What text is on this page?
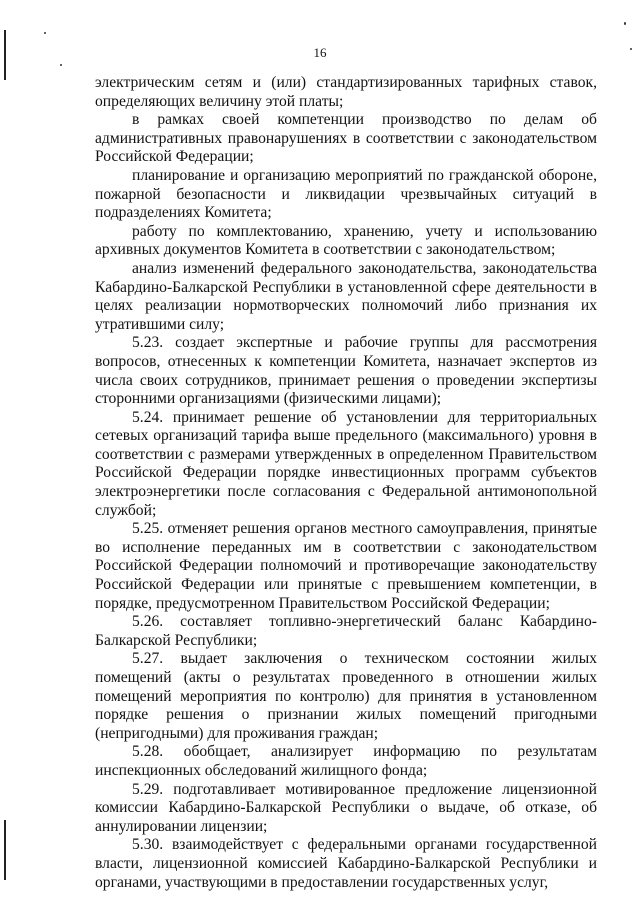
16

электрическим сетям и (или) стандартизированных тарифных ставок, определяющих величину этой платы;

в рамках своей компетенции производство по делам об административных правонарушениях в соответствии с законодательством Российской Федерации;

планирование и организацию мероприятий по гражданской обороне, пожарной безопасности и ликвидации чрезвычайных ситуаций в подразделениях Комитета;

работу по комплектованию, хранению, учету и использованию архивных документов Комитета в соответствии с законодательством;

анализ изменений федерального законодательства, законодательства Кабардино-Балкарской Республики в установленной сфере деятельности в целях реализации нормотворческих полномочий либо признания их утратившими силу;

5.23. создает экспертные и рабочие группы для рассмотрения вопросов, отнесенных к компетенции Комитета, назначает экспертов из числа своих сотрудников, принимает решения о проведении экспертизы сторонними организациями (физическими лицами);

5.24. принимает решение об установлении для территориальных сетевых организаций тарифа выше предельного (максимального) уровня в соответствии с размерами утвержденных в определенном Правительством Российской Федерации порядке инвестиционных программ субъектов электроэнергетики после согласования с Федеральной антимонопольной службой;

5.25. отменяет решения органов местного самоуправления, принятые во исполнение переданных им в соответствии с законодательством Российской Федерации полномочий и противоречащие законодательству Российской Федерации или принятые с превышением компетенции, в порядке, предусмотренном Правительством Российской Федерации;

5.26. составляет топливно-энергетический баланс Кабардино-Балкарской Республики;

5.27. выдает заключения о техническом состоянии жилых помещений (акты о результатах проведенного в отношении жилых помещений мероприятия по контролю) для принятия в установленном порядке решения о признании жилых помещений пригодными (непригодными) для проживания граждан;

5.28. обобщает, анализирует информацию по результатам инспекционных обследований жилищного фонда;

5.29. подготавливает мотивированное предложение лицензионной комиссии Кабардино-Балкарской Республики о выдаче, об отказе, об аннулировании лицензии;

5.30. взаимодействует с федеральными органами государственной власти, лицензионной комиссией Кабардино-Балкарской Республики и органами, участвующими в предоставлении государственных услуг,
